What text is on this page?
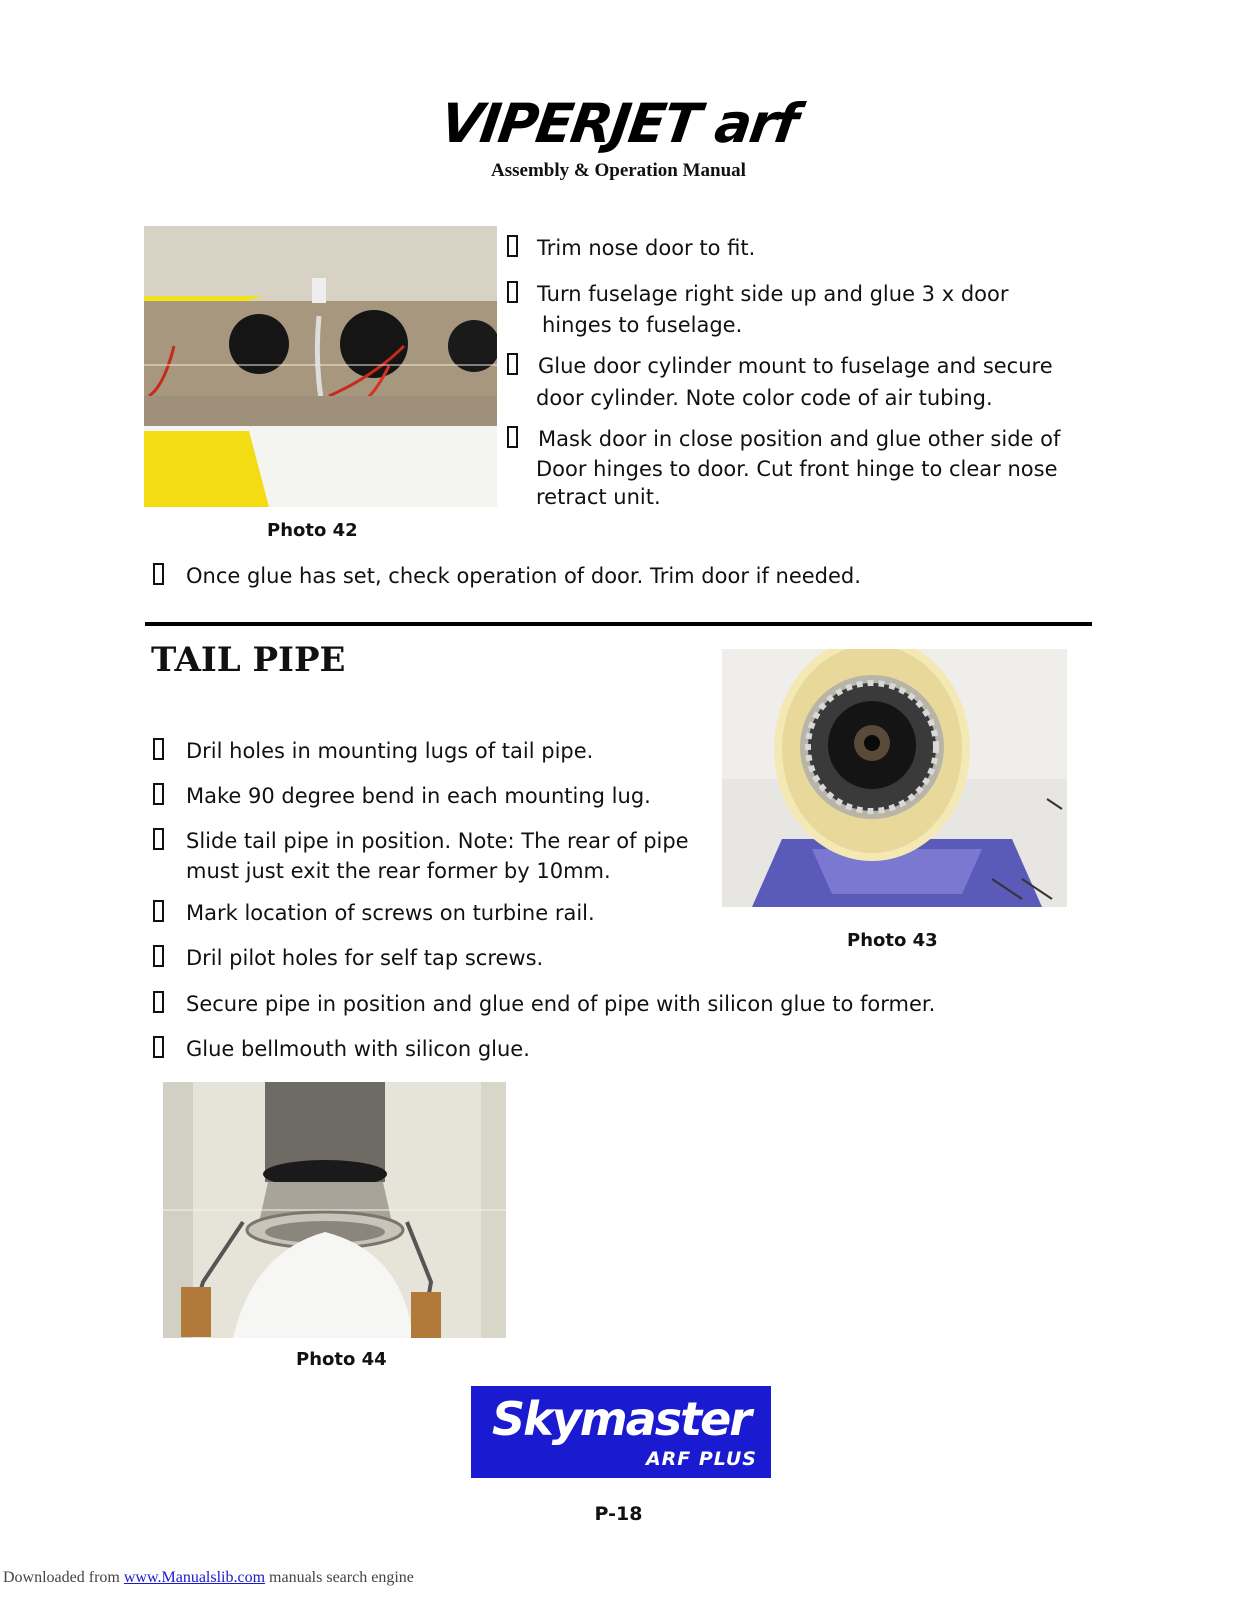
VIPERJET arf
Assembly & Operation Manual
Photo 42
Trim nose door to fit.
Turn fuselage right side up and glue 3 x door
hinges to fuselage.
Glue door cylinder mount to fuselage and secure
door cylinder. Note color code of air tubing.
Mask door in close position and glue other side of
Door hinges to door. Cut front hinge to clear nose
retract unit.
Once glue has set, check operation of door. Trim door if needed.
TAIL PIPE
Photo 43
Dril holes in mounting lugs of tail pipe.
Make 90 degree bend in each mounting lug.
Slide tail pipe in position. Note: The rear of pipe
must just exit the rear former by 10mm.
Mark location of screws on turbine rail.
Dril pilot holes for self tap screws.
Secure pipe in position and glue end of pipe with silicon glue to former.
Glue bellmouth with silicon glue.
Photo 44
Skymaster
ARF PLUS
P-18
Downloaded from www.Manualslib.com manuals search engine
